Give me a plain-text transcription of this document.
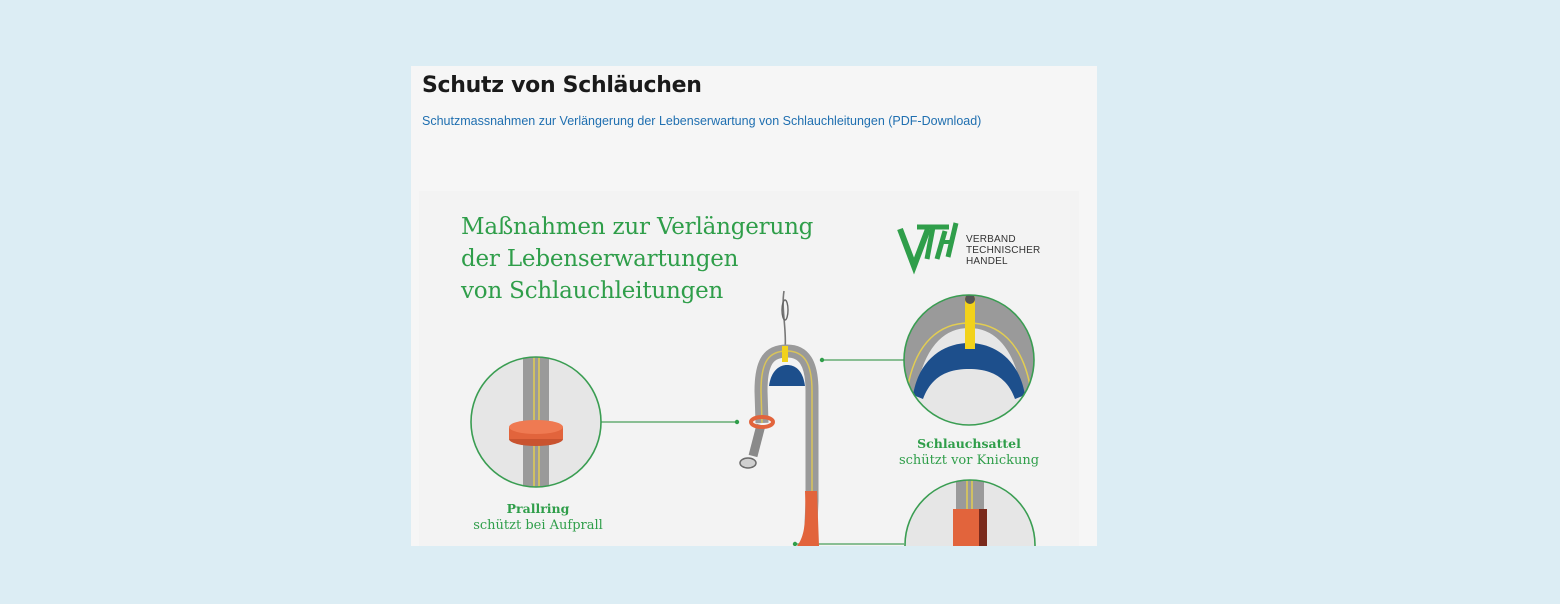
Schutz von Schläuchen
Schutzmassnahmen zur Verlängerung der Lebenserwartung von Schlauchleitungen (PDF-Download)
Maßnahmen zur Verlängerung
der Lebenserwartungen
von Schlauchleitungen
VERBAND
TECHNISCHER
HANDEL
Prallring
schützt bei Aufprall
Schlauchsattel
schützt vor Knickung
